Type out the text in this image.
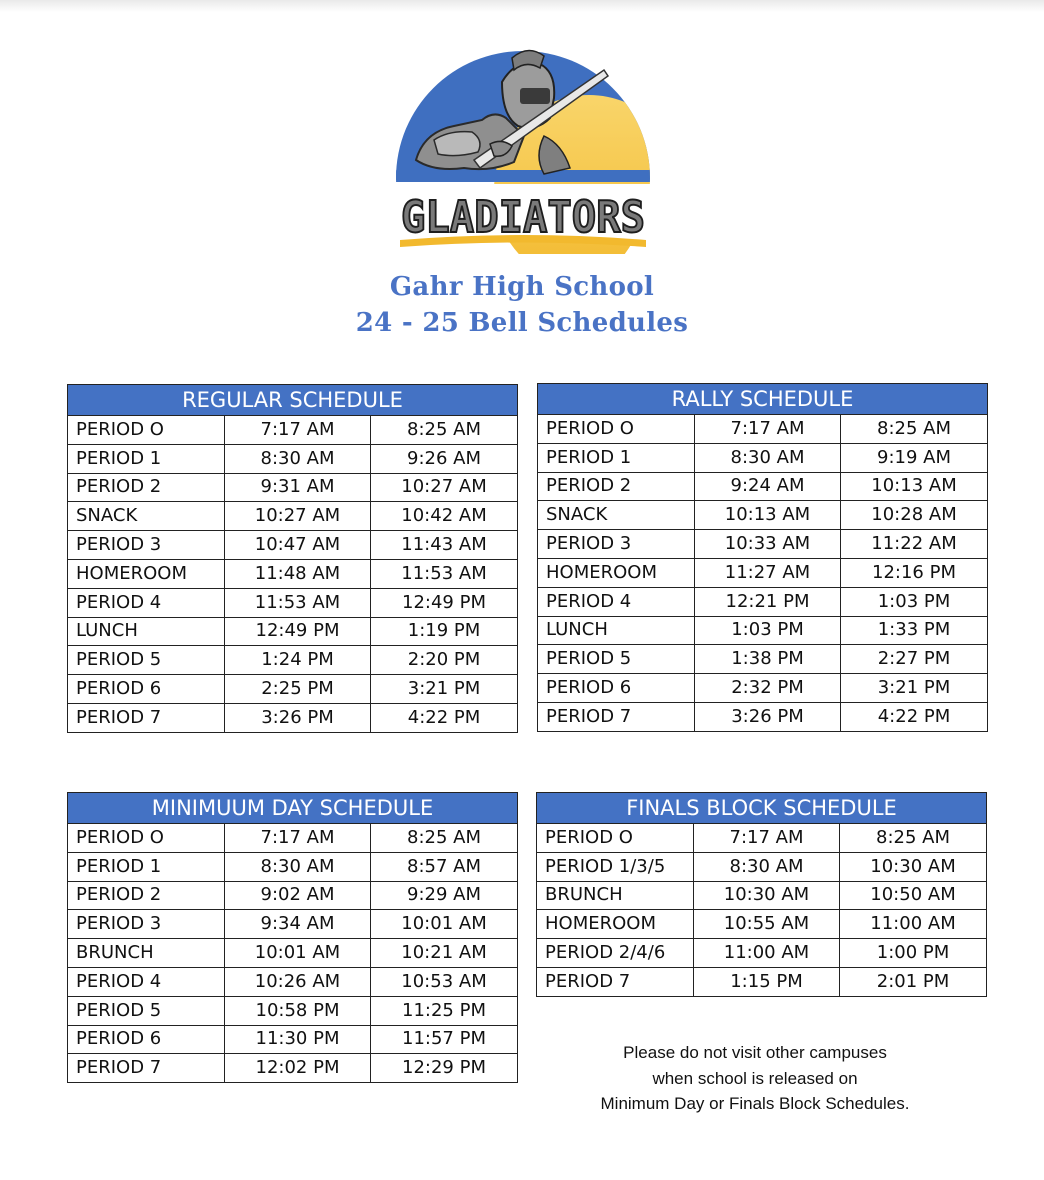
GLADIATORS
Gahr High School
24 - 25 Bell Schedules
REGULAR SCHEDULE		
PERIOD O	7:17 AM	8:25 AM
PERIOD 1	8:30 AM	9:26 AM
PERIOD 2	9:31 AM	10:27 AM
SNACK	10:27 AM	10:42 AM
PERIOD 3	10:47 AM	11:43 AM
HOMEROOM	11:48 AM	11:53 AM
PERIOD 4	11:53 AM	12:49 PM
LUNCH	12:49 PM	1:19 PM
PERIOD 5	1:24 PM	2:20 PM
PERIOD 6	2:25 PM	3:21 PM
PERIOD 7	3:26 PM	4:22 PM
RALLY SCHEDULE		
PERIOD O	7:17 AM	8:25 AM
PERIOD 1	8:30 AM	9:19 AM
PERIOD 2	9:24 AM	10:13 AM
SNACK	10:13 AM	10:28 AM
PERIOD 3	10:33 AM	11:22 AM
HOMEROOM	11:27 AM	12:16 PM
PERIOD 4	12:21 PM	1:03 PM
LUNCH	1:03 PM	1:33 PM
PERIOD 5	1:38 PM	2:27 PM
PERIOD 6	2:32 PM	3:21 PM
PERIOD 7	3:26 PM	4:22 PM
MINIMUUM DAY SCHEDULE		
PERIOD O	7:17 AM	8:25 AM
PERIOD 1	8:30 AM	8:57 AM
PERIOD 2	9:02 AM	9:29 AM
PERIOD 3	9:34 AM	10:01 AM
BRUNCH	10:01 AM	10:21 AM
PERIOD 4	10:26 AM	10:53 AM
PERIOD 5	10:58 PM	11:25 PM
PERIOD 6	11:30 PM	11:57 PM
PERIOD 7	12:02 PM	12:29 PM
FINALS BLOCK SCHEDULE		
PERIOD O	7:17 AM	8:25 AM
PERIOD 1/3/5	8:30 AM	10:30 AM
BRUNCH	10:30 AM	10:50 AM
HOMEROOM	10:55 AM	11:00 AM
PERIOD 2/4/6	11:00 AM	1:00 PM
PERIOD 7	1:15 PM	2:01 PM
Please do not visit other campuses
when school is released on
Minimum Day or Finals Block Schedules.
